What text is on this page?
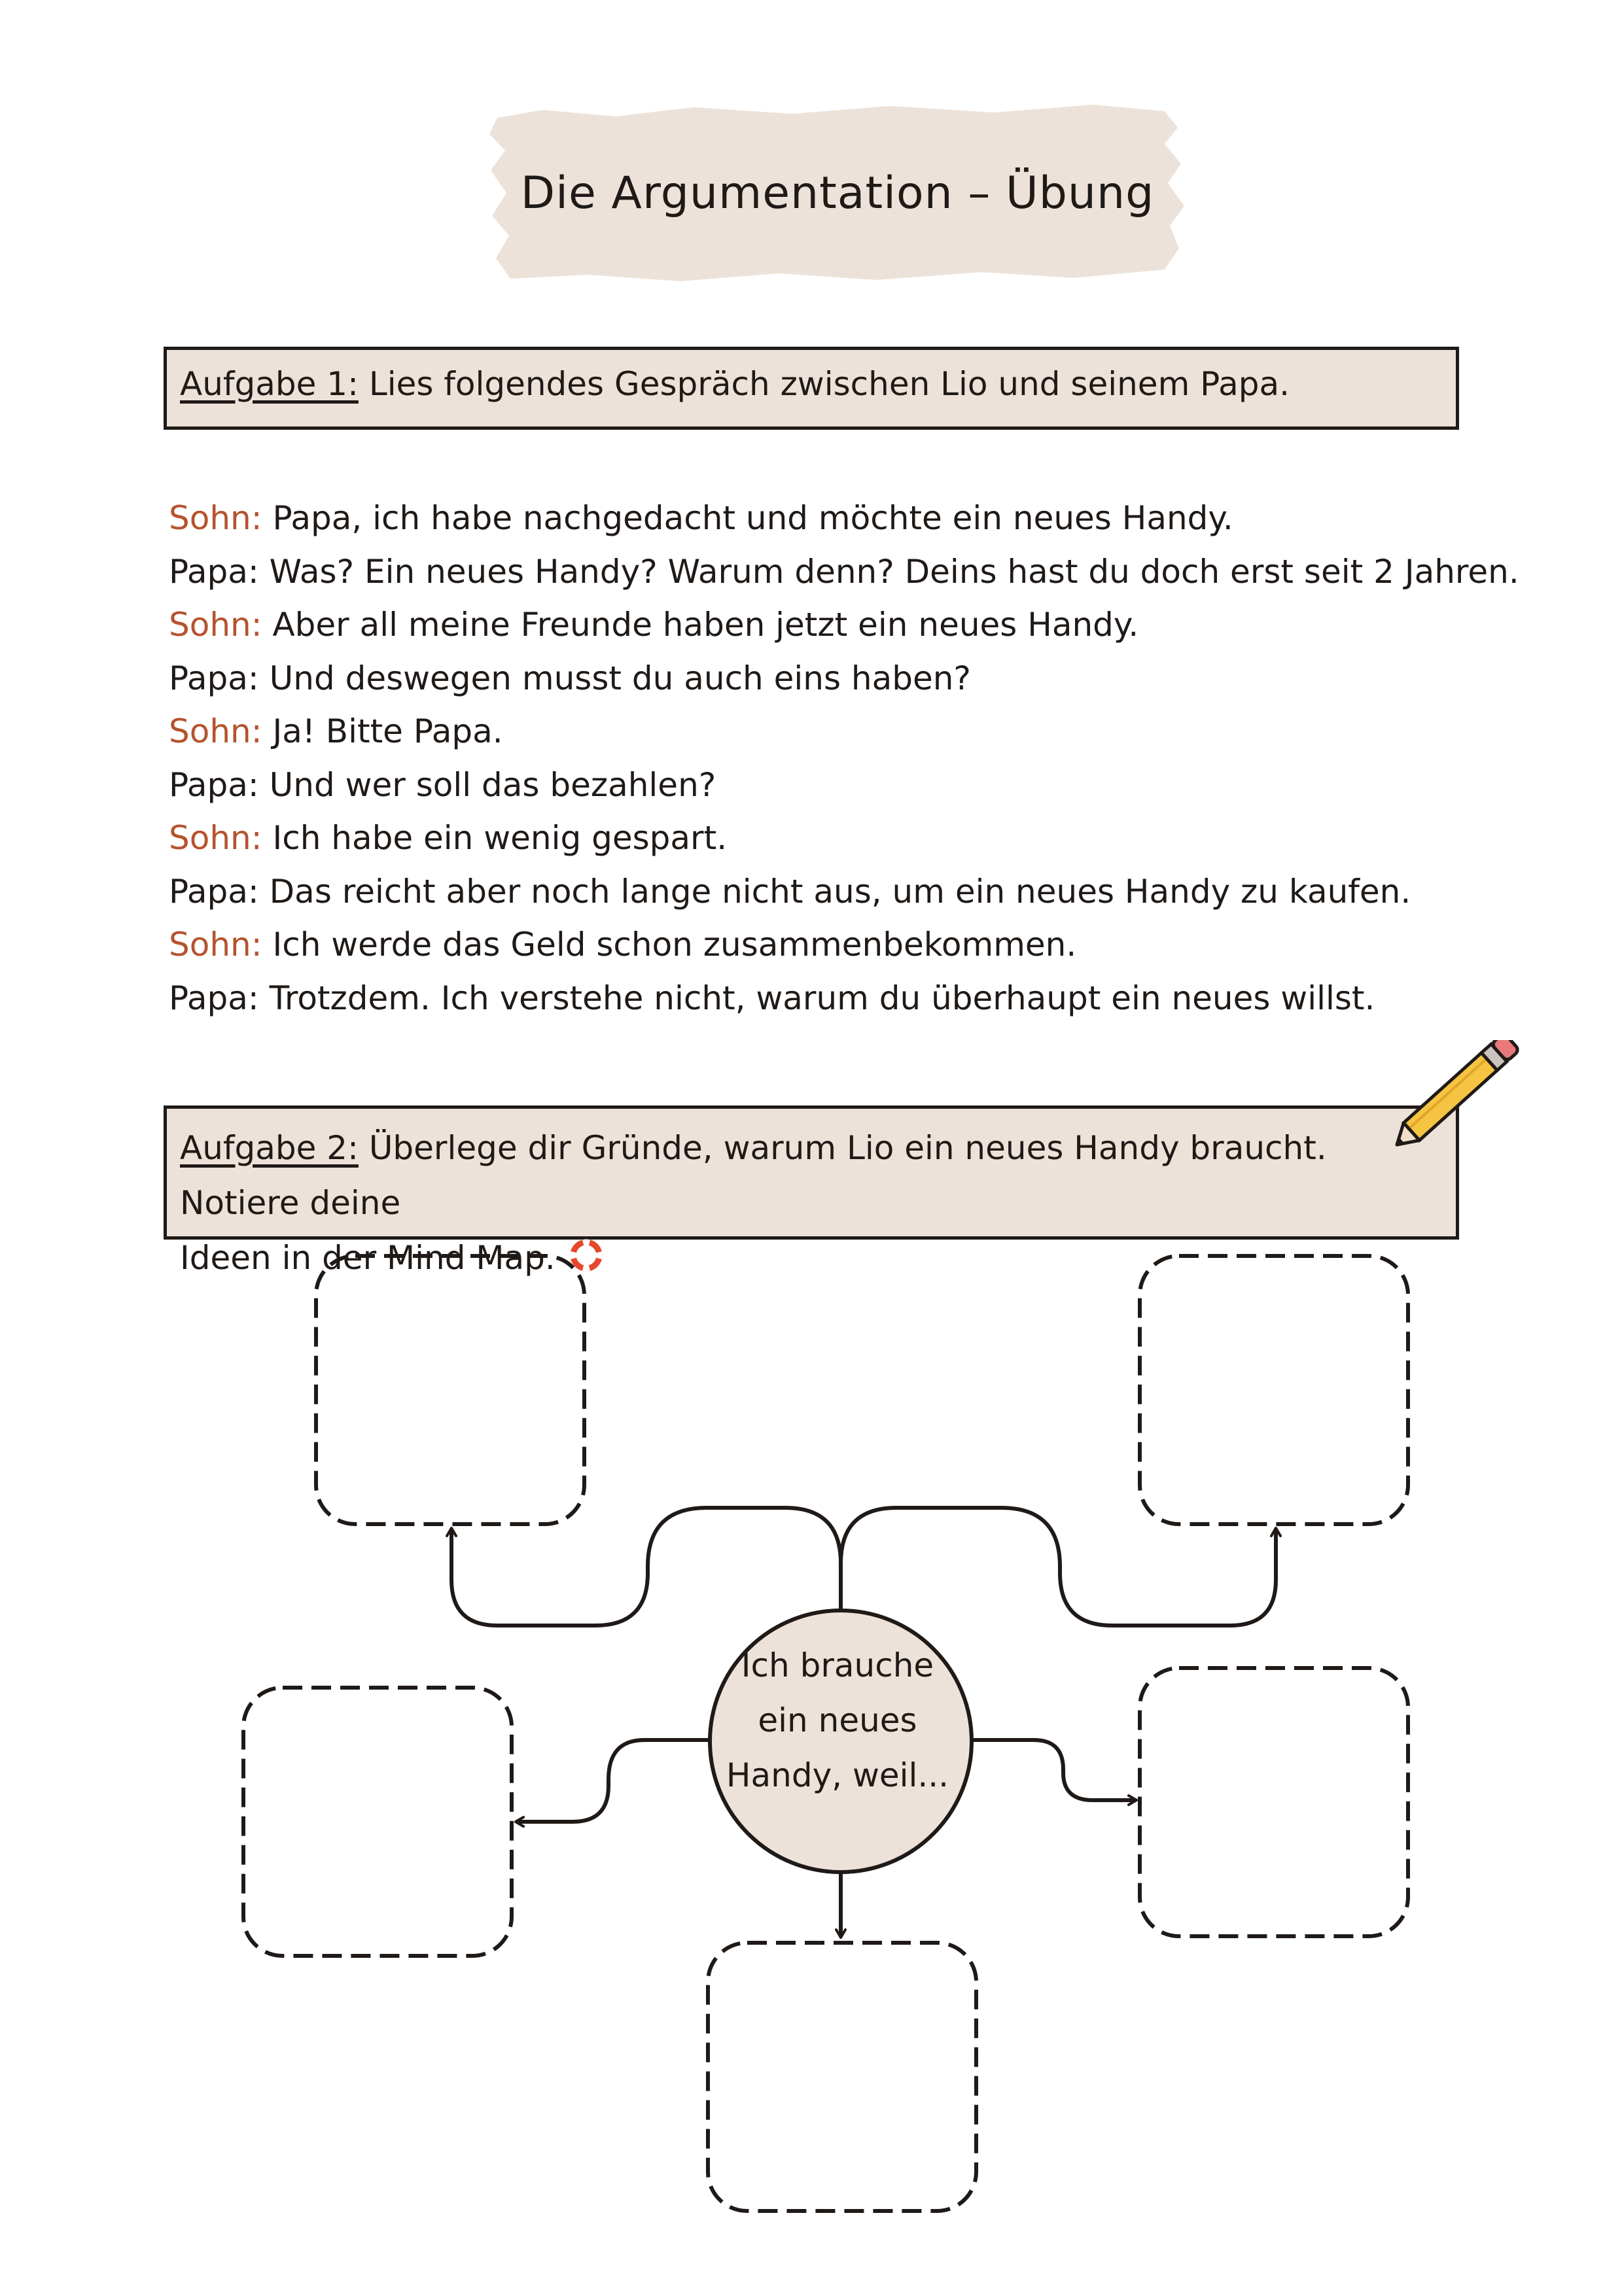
Die Argumentation – Übung
Aufgabe 1: Lies folgendes Gespräch zwischen Lio und seinem Papa.
Sohn: Papa, ich habe nachgedacht und möchte ein neues Handy.
Papa: Was? Ein neues Handy? Warum denn? Deins hast du doch erst seit 2 Jahren.
Sohn: Aber all meine Freunde haben jetzt ein neues Handy.
Papa: Und deswegen musst du auch eins haben?
Sohn: Ja! Bitte Papa.
Papa: Und wer soll das bezahlen?
Sohn: Ich habe ein wenig gespart.
Papa: Das reicht aber noch lange nicht aus, um ein neues Handy zu kaufen.
Sohn: Ich werde das Geld schon zusammenbekommen.
Papa: Trotzdem. Ich verstehe nicht, warum du überhaupt ein neues willst.
Aufgabe 2: Überlege dir Gründe, warum Lio ein neues Handy braucht. Notiere deine
Ideen in der Mind Map.
Ich brauche
ein neues
Handy, weil...
